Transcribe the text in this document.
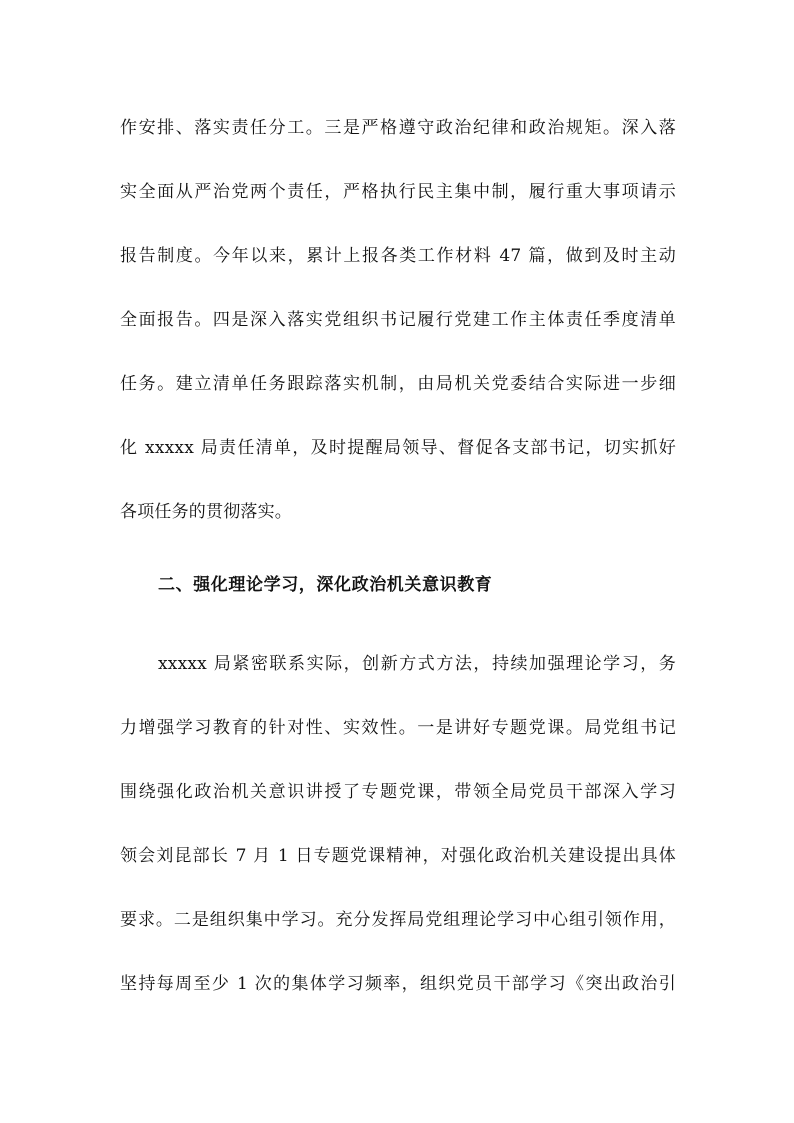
作安排、落实责任分工。三是严格遵守政治纪律和政治规矩。深入落
实全面从严治党两个责任，严格执行民主集中制，履行重大事项请示
报告制度。今年以来，累计上报各类工作材料 47 篇，做到及时主动
全面报告。四是深入落实党组织书记履行党建工作主体责任季度清单
任务。建立清单任务跟踪落实机制，由局机关党委结合实际进一步细
化 xxxxx 局责任清单，及时提醒局领导、督促各支部书记，切实抓好
各项任务的贯彻落实。
二、强化理论学习，深化政治机关意识教育
xxxxx 局紧密联系实际，创新方式方法，持续加强理论学习，务
力增强学习教育的针对性、实效性。一是讲好专题党课。局党组书记
围绕强化政治机关意识讲授了专题党课，带领全局党员干部深入学习
领会刘昆部长 7 月 1 日专题党课精神，对强化政治机关建设提出具体
要求。二是组织集中学习。充分发挥局党组理论学习中心组引领作用，
坚持每周至少 1 次的集体学习频率，组织党员干部学习《突出政治引
